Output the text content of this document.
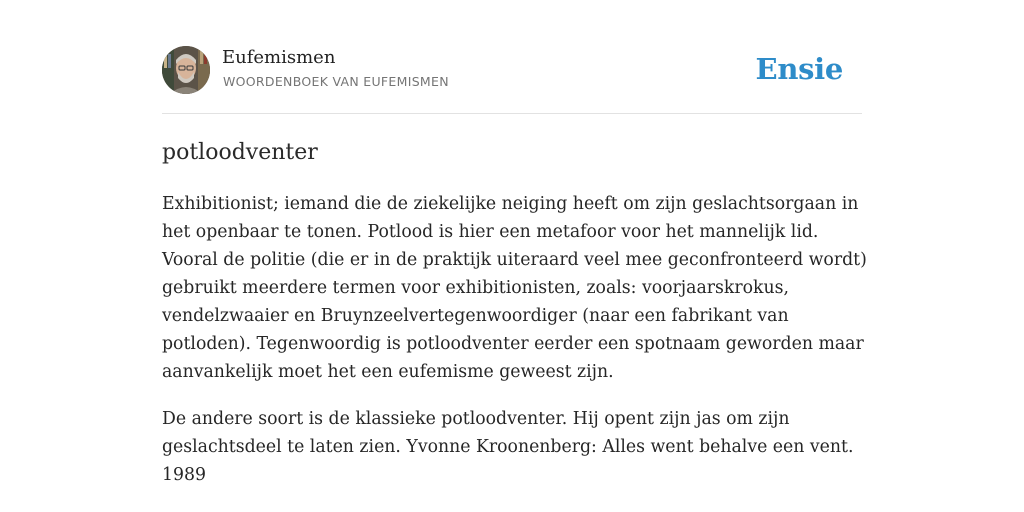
Eufemismen
WOORDENBOEK VAN EUFEMISMEN	Ensie
potloodventer

Exhibitionist; iemand die de ziekelijke neiging heeft om zijn geslachtsorgaan in
het openbaar te tonen. Potlood is hier een metafoor voor het mannelijk lid.
Vooral de politie (die er in de praktijk uiteraard veel mee geconfronteerd wordt)
gebruikt meerdere termen voor exhibitionisten, zoals: voorjaarskrokus,
vendelzwaaier en Bruynzeelvertegenwoordiger (naar een fabrikant van
potloden). Tegenwoordig is potloodventer eerder een spotnaam geworden maar
aanvankelijk moet het een eufemisme geweest zijn.

De andere soort is de klassieke potloodventer. Hij opent zijn jas om zijn
geslachtsdeel te laten zien. Yvonne Kroonenberg: Alles went behalve een vent.
1989
